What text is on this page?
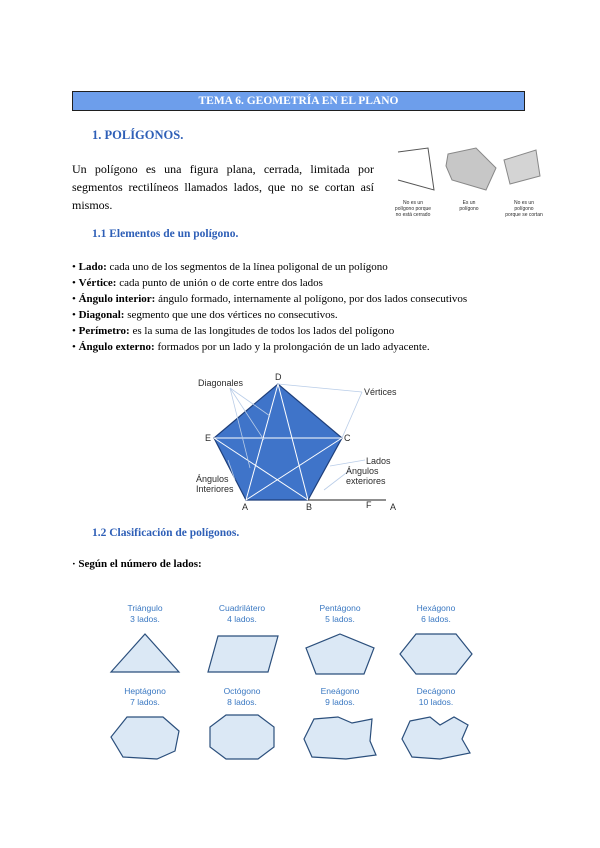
TEMA 6. GEOMETRÍA EN EL PLANO
1. POLÍGONOS.
Un polígono es una figura plana, cerrada, limitada por segmentos rectilíneos llamados lados, que no se cortan así mismos.	No es un
polígono porque
no está cerrado
Es un
polígono
No es un
polígono
porque se cortan
1.1 Elementos de un polígono.
• Lado: cada uno de los segmentos de la línea poligonal de un polígono
• Vértice: cada punto de unión o de corte entre dos lados
• Ángulo interior: ángulo formado, internamente al polígono, por dos lados consecutivos
• Diagonal: segmento que une dos vértices no consecutivos.
• Perímetro: es la suma de las longitudes de todos los lados del polígono
• Ángulo externo: formados por un lado y la prolongación de un lado adyacente.
D
E	C
A	B	F A
Diagonales
Vértices
Lados
Ángulos
exteriores
Ángulos
Interiores
1.2 Clasificación de polígonos.
· Según el número de lados:
Triángulo
3 lados.
Cuadrilátero
4 lados.
Pentágono
5 lados.
Hexágono
6 lados.
Heptágono
7 lados.
Octógono
8 lados.
Eneágono
9 lados.
Decágono
10 lados.
